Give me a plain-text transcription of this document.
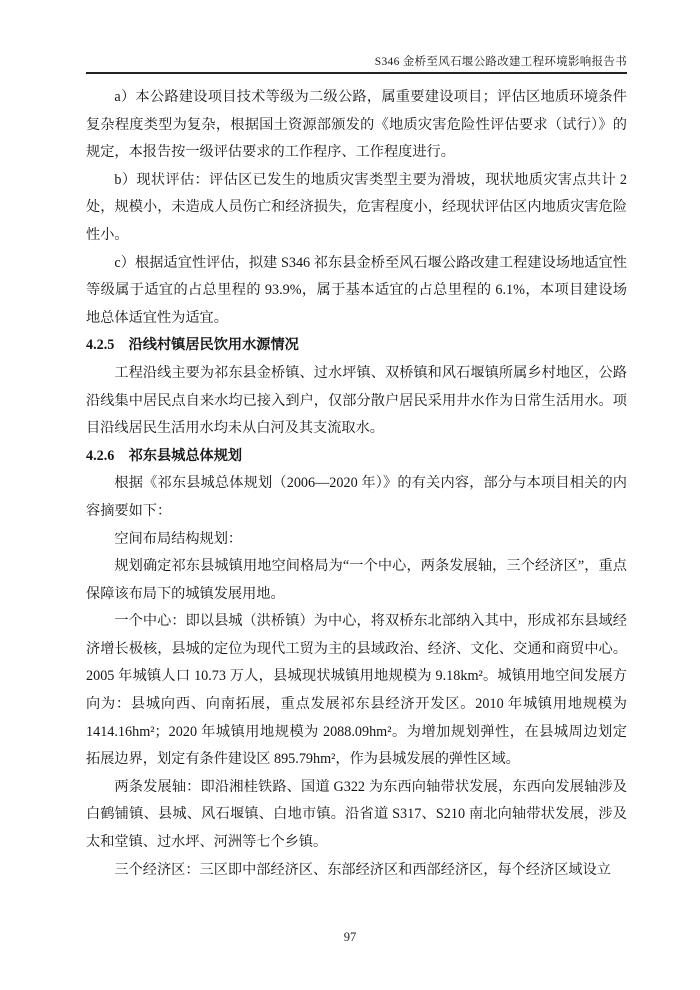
S346 金桥至风石堰公路改建工程环境影响报告书

a）本公路建设项目技术等级为二级公路，属重要建设项目；评估区地质环境条件复杂程度类型为复杂，根据国土资源部颁发的《地质灾害危险性评估要求（试行）》的规定，本报告按一级评估要求的工作程序、工作程度进行。

b）现状评估：评估区已发生的地质灾害类型主要为滑坡，现状地质灾害点共计 2 处，规模小，未造成人员伤亡和经济损失，危害程度小，经现状评估区内地质灾害危险性小。

c）根据适宜性评估，拟建 S346 祁东县金桥至风石堰公路改建工程建设场地适宜性等级属于适宜的占总里程的 93.9%，属于基本适宜的占总里程的 6.1%，本项目建设场地总体适宜性为适宜。

4.2.5　沿线村镇居民饮用水源情况

工程沿线主要为祁东县金桥镇、过水坪镇、双桥镇和风石堰镇所属乡村地区，公路沿线集中居民点自来水均已接入到户，仅部分散户居民采用井水作为日常生活用水。项目沿线居民生活用水均未从白河及其支流取水。

4.2.6　祁东县城总体规划

根据《祁东县城总体规划（2006—2020 年）》的有关内容，部分与本项目相关的内容摘要如下：

空间布局结构规划：

规划确定祁东县城镇用地空间格局为“一个中心，两条发展轴，三个经济区”，重点保障该布局下的城镇发展用地。

一个中心：即以县城（洪桥镇）为中心，将双桥东北部纳入其中，形成祁东县域经济增长极核，县城的定位为现代工贸为主的县域政治、经济、文化、交通和商贸中心。2005 年城镇人口 10.73 万人，县城现状城镇用地规模为 9.18km²。城镇用地空间发展方向为：县城向西、向南拓展，重点发展祁东县经济开发区。2010 年城镇用地规模为 1414.16hm²；2020 年城镇用地规模为 2088.09hm²。为增加规划弹性，在县城周边划定拓展边界，划定有条件建设区 895.79hm²，作为县城发展的弹性区域。

两条发展轴：即沿湘桂铁路、国道 G322 为东西向轴带状发展，东西向发展轴涉及白鹤铺镇、县城、风石堰镇、白地市镇。沿省道 S317、S210 南北向轴带状发展，涉及太和堂镇、过水坪、河洲等七个乡镇。

三个经济区：三区即中部经济区、东部经济区和西部经济区，每个经济区域设立

97
